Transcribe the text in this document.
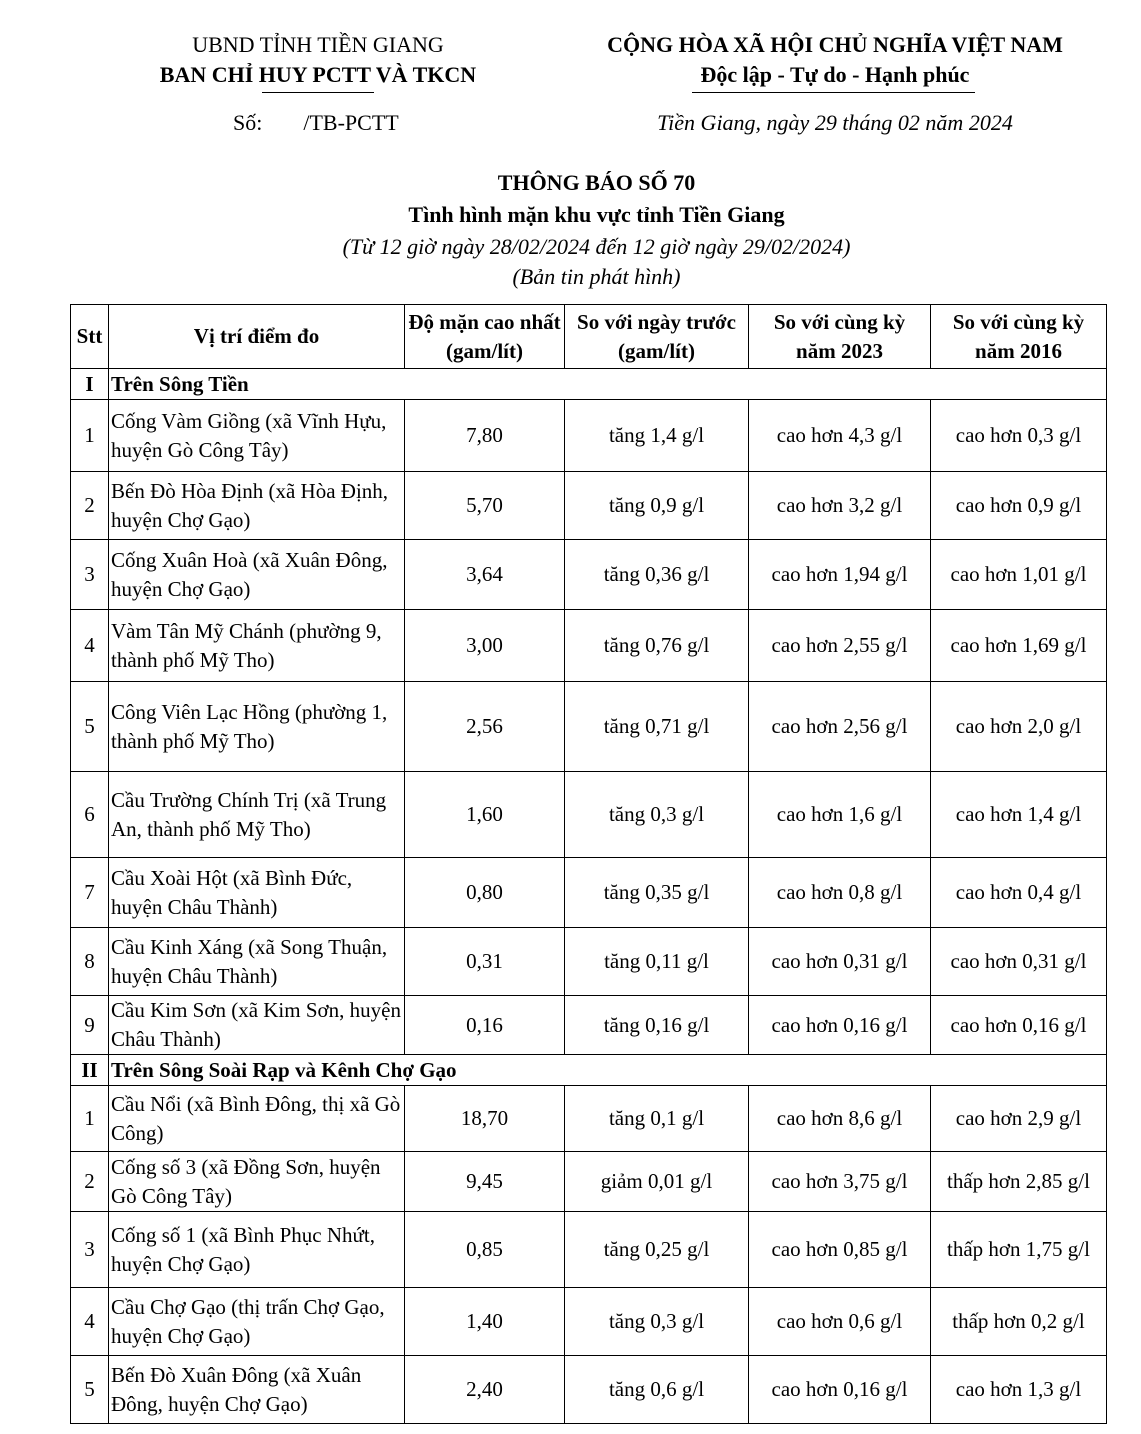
UBND TỈNH TIỀN GIANG
BAN CHỈ HUY PCTT VÀ TKCN
Số: /TB-PCTT
CỘNG HÒA XÃ HỘI CHỦ NGHĨA VIỆT NAM
Độc lập - Tự do - Hạnh phúc
Tiền Giang, ngày 29 tháng 02 năm 2024
THÔNG BÁO SỐ 70
Tình hình mặn khu vực tỉnh Tiền Giang
(Từ 12 giờ ngày 28/02/2024 đến 12 giờ ngày 29/02/2024)
(Bản tin phát hình)
Stt	Vị trí điểm đo	Độ mặn cao nhất (gam/lít)	So với ngày trước (gam/lít)	So với cùng kỳ năm 2023	So với cùng kỳ năm 2016
I	Trên Sông Tiền				
1	Cống Vàm Giồng (xã Vĩnh Hựu, huyện Gò Công Tây)	7,80	tăng 1,4 g/l	cao hơn 4,3 g/l	cao hơn 0,3 g/l
2	Bến Đò Hòa Định (xã Hòa Định, huyện Chợ Gạo)	5,70	tăng 0,9 g/l	cao hơn 3,2 g/l	cao hơn 0,9 g/l
3	Cống Xuân Hoà (xã Xuân Đông, huyện Chợ Gạo)	3,64	tăng 0,36 g/l	cao hơn 1,94 g/l	cao hơn 1,01 g/l
4	Vàm Tân Mỹ Chánh (phường 9, thành phố Mỹ Tho)	3,00	tăng 0,76 g/l	cao hơn 2,55 g/l	cao hơn 1,69 g/l
5	Công Viên Lạc Hồng (phường 1, thành phố Mỹ Tho)	2,56	tăng 0,71 g/l	cao hơn 2,56 g/l	cao hơn 2,0 g/l
6	Cầu Trường Chính Trị (xã Trung An, thành phố Mỹ Tho)	1,60	tăng 0,3 g/l	cao hơn 1,6 g/l	cao hơn 1,4 g/l
7	Cầu Xoài Hột (xã Bình Đức, huyện Châu Thành)	0,80	tăng 0,35 g/l	cao hơn 0,8 g/l	cao hơn 0,4 g/l
8	Cầu Kinh Xáng (xã Song Thuận, huyện Châu Thành)	0,31	tăng 0,11 g/l	cao hơn 0,31 g/l	cao hơn 0,31 g/l
9	Cầu Kim Sơn (xã Kim Sơn, huyện Châu Thành)	0,16	tăng 0,16 g/l	cao hơn 0,16 g/l	cao hơn 0,16 g/l
II	Trên Sông Soài Rạp và Kênh Chợ Gạo				
1	Cầu Nổi (xã Bình Đông, thị xã Gò Công)	18,70	tăng 0,1 g/l	cao hơn 8,6 g/l	cao hơn 2,9 g/l
2	Cống số 3 (xã Đồng Sơn, huyện Gò Công Tây)	9,45	giảm 0,01 g/l	cao hơn 3,75 g/l	thấp hơn 2,85 g/l
3	Cống số 1 (xã Bình Phục Nhứt, huyện Chợ Gạo)	0,85	tăng 0,25 g/l	cao hơn 0,85 g/l	thấp hơn 1,75 g/l
4	Cầu Chợ Gạo (thị trấn Chợ Gạo, huyện Chợ Gạo)	1,40	tăng 0,3 g/l	cao hơn 0,6 g/l	thấp hơn 0,2 g/l
5	Bến Đò Xuân Đông (xã Xuân Đông, huyện Chợ Gạo)	2,40	tăng 0,6 g/l	cao hơn 0,16 g/l	cao hơn 1,3 g/l
